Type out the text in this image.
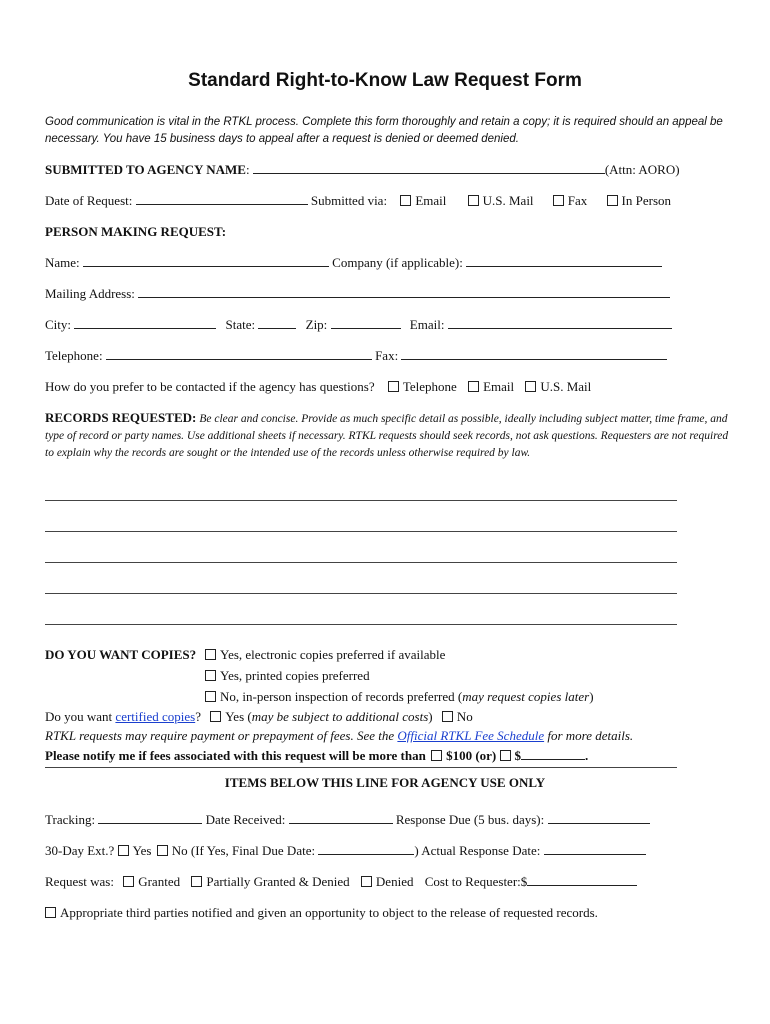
Standard Right-to-Know Law Request Form
Good communication is vital in the RTKL process. Complete this form thoroughly and retain a copy; it is required should an appeal be necessary. You have 15 business days to appeal after a request is denied or deemed denied.
SUBMITTED TO AGENCY NAME:	(Attn: AORO)
Date of Request:	Submitted via: Email	U.S. Mail	Fax	In Person
PERSON MAKING REQUEST:
Name:	Company (if applicable):
Mailing Address:
City:	State:	Zip:	Email:
Telephone:	Fax:
How do you prefer to be contacted if the agency has questions? Telephone Email U.S. Mail
RECORDS REQUESTED: Be clear and concise. Provide as much specific detail as possible, ideally including subject matter, time frame, and type of record or party names. Use additional sheets if necessary. RTKL requests should seek records, not ask questions. Requesters are not required to explain why the records are sought or the intended use of the records unless otherwise required by law.
DO YOU WANT COPIES?	Yes, electronic copies preferred if available
Yes, printed copies preferred
No, in-person inspection of records preferred (may request copies later)
Do you want certified copies? Yes (may be subject to additional costs) No
RTKL requests may require payment or prepayment of fees. See the Official RTKL Fee Schedule for more details.
Please notify me if fees associated with this request will be more than $100 (or) $	.
ITEMS BELOW THIS LINE FOR AGENCY USE ONLY
Tracking:	Date Received:	Response Due (5 bus. days):
30-Day Ext.? Yes No (If Yes, Final Due Date:	) Actual Response Date:
Request was: Granted Partially Granted & Denied Denied Cost to Requester:$
Appropriate third parties notified and given an opportunity to object to the release of requested records.
